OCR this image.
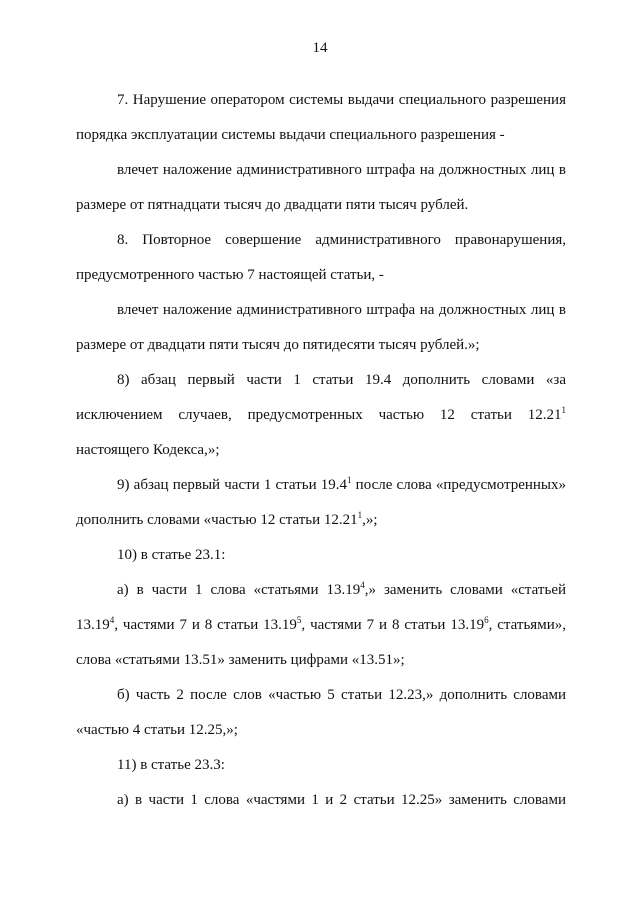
14

7. Нарушение оператором системы выдачи специального разрешения порядка эксплуатации системы выдачи специального разрешения -

влечет наложение административного штрафа на должностных лиц в размере от пятнадцати тысяч до двадцати пяти тысяч рублей.

8. Повторное совершение административного правонарушения, предусмотренного частью 7 настоящей статьи, -

влечет наложение административного штрафа на должностных лиц в размере от двадцати пяти тысяч до пятидесяти тысяч рублей.»;

8) абзац первый части 1 статьи 19.4 дополнить словами «за исключением случаев, предусмотренных частью 12 статьи 12.21$^1$ настоящего Кодекса,»;

9) абзац первый части 1 статьи 19.4$^1$ после слова «предусмотренных» дополнить словами «частью 12 статьи 12.21$^1$,»;

10) в статье 23.1:

а) в части 1 слова «статьями 13.19$^4$,» заменить словами «статьей 13.19$^4$, частями 7 и 8 статьи 13.19$^5$, частями 7 и 8 статьи 13.19$^6$, статьями», слова «статьями 13.51» заменить цифрами «13.51»;

б) часть 2 после слов «частью 5 статьи 12.23,» дополнить словами «частью 4 статьи 12.25,»;

11) в статье 23.3:

а) в части 1 слова «частями 1 и 2 статьи 12.25» заменить словами
